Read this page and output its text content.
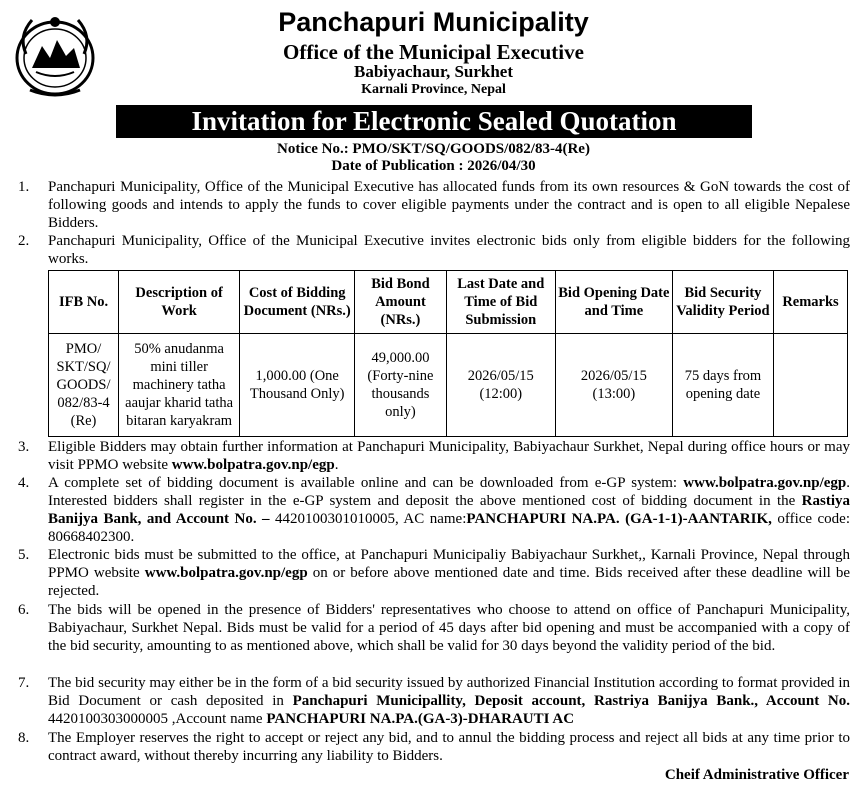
Panchapuri Municipality
Office of the Municipal Executive
Babiyachaur, Surkhet
Karnali Province, Nepal
Invitation for Electronic Sealed Quotation
Notice No.: PMO/SKT/SQ/GOODS/082/83-4(Re)
Date of Publication : 2026/04/30
1. Panchapuri Municipality, Office of the Municipal Executive has allocated funds from its own resources & GoN towards the cost of following goods and intends to apply the funds to cover eligible payments under the contract and is open to all eligible Nepalese Bidders.
2. Panchapuri Municipality, Office of the Municipal Executive invites electronic bids only from eligible bidders for the following works.
IFB No.	Description of Work	Cost of Bidding Document (NRs.)	Bid Bond Amount (NRs.)	Last Date and Time of Bid Submission	Bid Opening Date and Time	Bid Security Validity Period	Remarks
PMO/ SKT/SQ/ GOODS/ 082/83-4 (Re)	50% anudanma mini tiller machinery tatha aaujar kharid tatha bitaran karyakram	1,000.00 (One Thousand Only)	49,000.00 (Forty-nine thousands only)	2026/05/15 (12:00)	2026/05/15 (13:00)	75 days from opening date	
3. Eligible Bidders may obtain further information at Panchapuri Municipality, Babiyachaur Surkhet, Nepal during office hours or may visit PPMO website www.bolpatra.gov.np/egp.
4. A complete set of bidding document is available online and can be downloaded from e-GP system: www.bolpatra.gov.np/egp. Interested bidders shall register in the e-GP system and deposit the above mentioned cost of bidding document in the Rastiya Banijya Bank, and Account No. – 4420100301010005, AC name:PANCHAPURI NA.PA. (GA-1-1)-AANTARIK, office code: 80668402300.
5. Electronic bids must be submitted to the office, at Panchapuri Municipaliy Babiyachaur Surkhet,, Karnali Province, Nepal through PPMO website www.bolpatra.gov.np/egp on or before above mentioned date and time. Bids received after these deadline will be rejected.
6. The bids will be opened in the presence of Bidders' representatives who choose to attend on office of Panchapuri Municipality, Babiyachaur, Surkhet Nepal. Bids must be valid for a period of 45 days after bid opening and must be accompanied with a copy of the bid security, amounting to as mentioned above, which shall be valid for 30 days beyond the validity period of the bid.
7. The bid security may either be in the form of a bid security issued by authorized Financial Institution according to format provided in Bid Document or cash deposited in Panchapuri Municipallity, Deposit account, Rastriya Banijya Bank., Account No. 4420100303000005 ,Account name PANCHAPURI NA.PA.(GA-3)-DHARAUTI AC
8. The Employer reserves the right to accept or reject any bid, and to annul the bidding process and reject all bids at any time prior to contract award, without thereby incurring any liability to Bidders.
Cheif Administrative Officer
